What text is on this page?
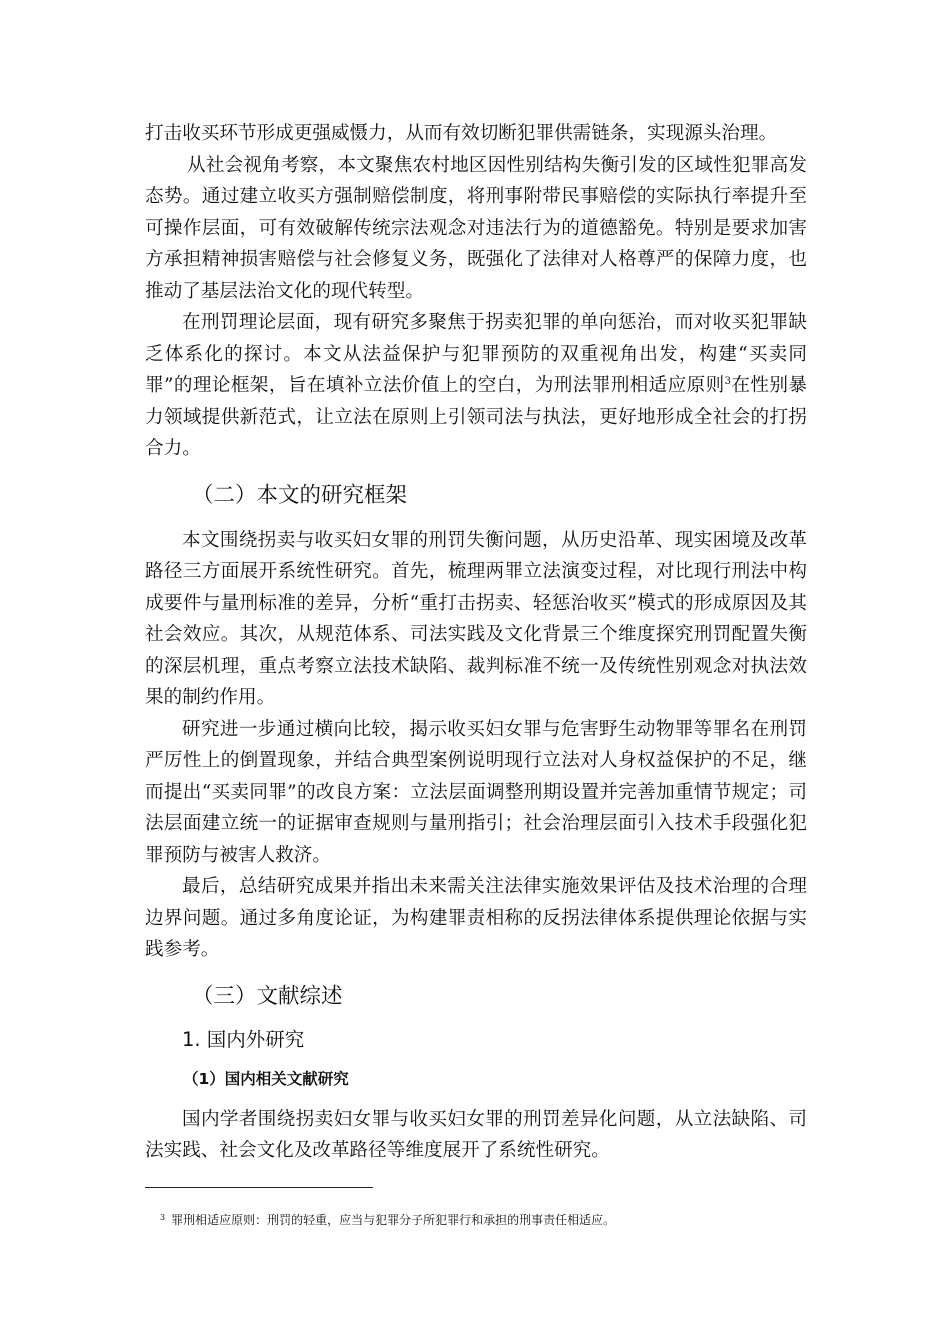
打击收买环节形成更强威慑力，从而有效切断犯罪供需链条，实现源头治理。

从社会视角考察，本文聚焦农村地区因性别结构失衡引发的区域性犯罪高发态势。通过建立收买方强制赔偿制度，将刑事附带民事赔偿的实际执行率提升至可操作层面，可有效破解传统宗法观念对违法行为的道德豁免。特别是要求加害方承担精神损害赔偿与社会修复义务，既强化了法律对人格尊严的保障力度，也推动了基层法治文化的现代转型。

在刑罚理论层面，现有研究多聚焦于拐卖犯罪的单向惩治，而对收买犯罪缺乏体系化的探讨。本文从法益保护与犯罪预防的双重视角出发，构建“买卖同罪”的理论框架，旨在填补立法价值上的空白，为刑法罪刑相适应原则$^3$在性别暴力领域提供新范式，让立法在原则上引领司法与执法，更好地形成全社会的打拐合力。

（二）本文的研究框架

本文围绕拐卖与收买妇女罪的刑罚失衡问题，从历史沿革、现实困境及改革路径三方面展开系统性研究。首先，梳理两罪立法演变过程，对比现行刑法中构成要件与量刑标准的差异，分析“重打击拐卖、轻惩治收买”模式的形成原因及其社会效应。其次，从规范体系、司法实践及文化背景三个维度探究刑罚配置失衡的深层机理，重点考察立法技术缺陷、裁判标准不统一及传统性别观念对执法效果的制约作用。

研究进一步通过横向比较，揭示收买妇女罪与危害野生动物罪等罪名在刑罚严厉性上的倒置现象，并结合典型案例说明现行立法对人身权益保护的不足，继而提出“买卖同罪”的改良方案：立法层面调整刑期设置并完善加重情节规定；司法层面建立统一的证据审查规则与量刑指引；社会治理层面引入技术手段强化犯罪预防与被害人救济。

最后，总结研究成果并指出未来需关注法律实施效果评估及技术治理的合理边界问题。通过多角度论证，为构建罪责相称的反拐法律体系提供理论依据与实践参考。

（三）文献综述
1. 国内外研究
（1）国内相关文献研究

国内学者围绕拐卖妇女罪与收买妇女罪的刑罚差异化问题，从立法缺陷、司法实践、社会文化及改革路径等维度展开了系统性研究。

$^3$ 罪刑相适应原则：刑罚的轻重，应当与犯罪分子所犯罪行和承担的刑事责任相适应。
